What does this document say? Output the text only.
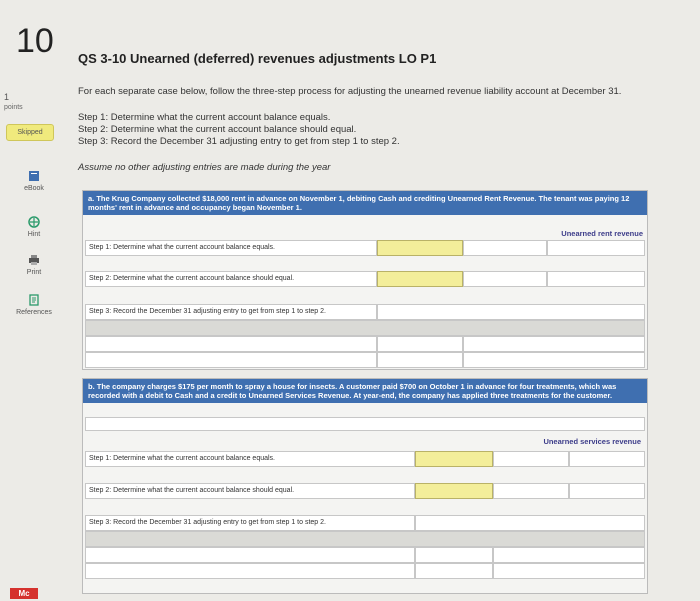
10
1
points
Skipped
eBook
Hint
Print
References
Mc
QS 3-10 Unearned (deferred) revenues adjustments LO P1
For each separate case below, follow the three-step process for adjusting the unearned revenue liability account at December 31.
Step 1: Determine what the current account balance equals.
Step 2: Determine what the current account balance should equal.
Step 3: Record the December 31 adjusting entry to get from step 1 to step 2.
Assume no other adjusting entries are made during the year
a. The Krug Company collected $18,000 rent in advance on November 1, debiting Cash and crediting Unearned Rent Revenue. The tenant was paying 12 months' rent in advance and occupancy began November 1.
Unearned rent revenue
Step 1: Determine what the current account balance equals.
Step 2: Determine what the current account balance should equal.
Step 3: Record the December 31 adjusting entry to get from step 1 to step 2.
b. The company charges $175 per month to spray a house for insects. A customer paid $700 on October 1 in advance for four treatments, which was recorded with a debit to Cash and a credit to Unearned Services Revenue. At year-end, the company has applied three treatments for the customer.
Unearned services revenue
Step 1: Determine what the current account balance equals.
Step 2: Determine what the current account balance should equal.
Step 3: Record the December 31 adjusting entry to get from step 1 to step 2.
